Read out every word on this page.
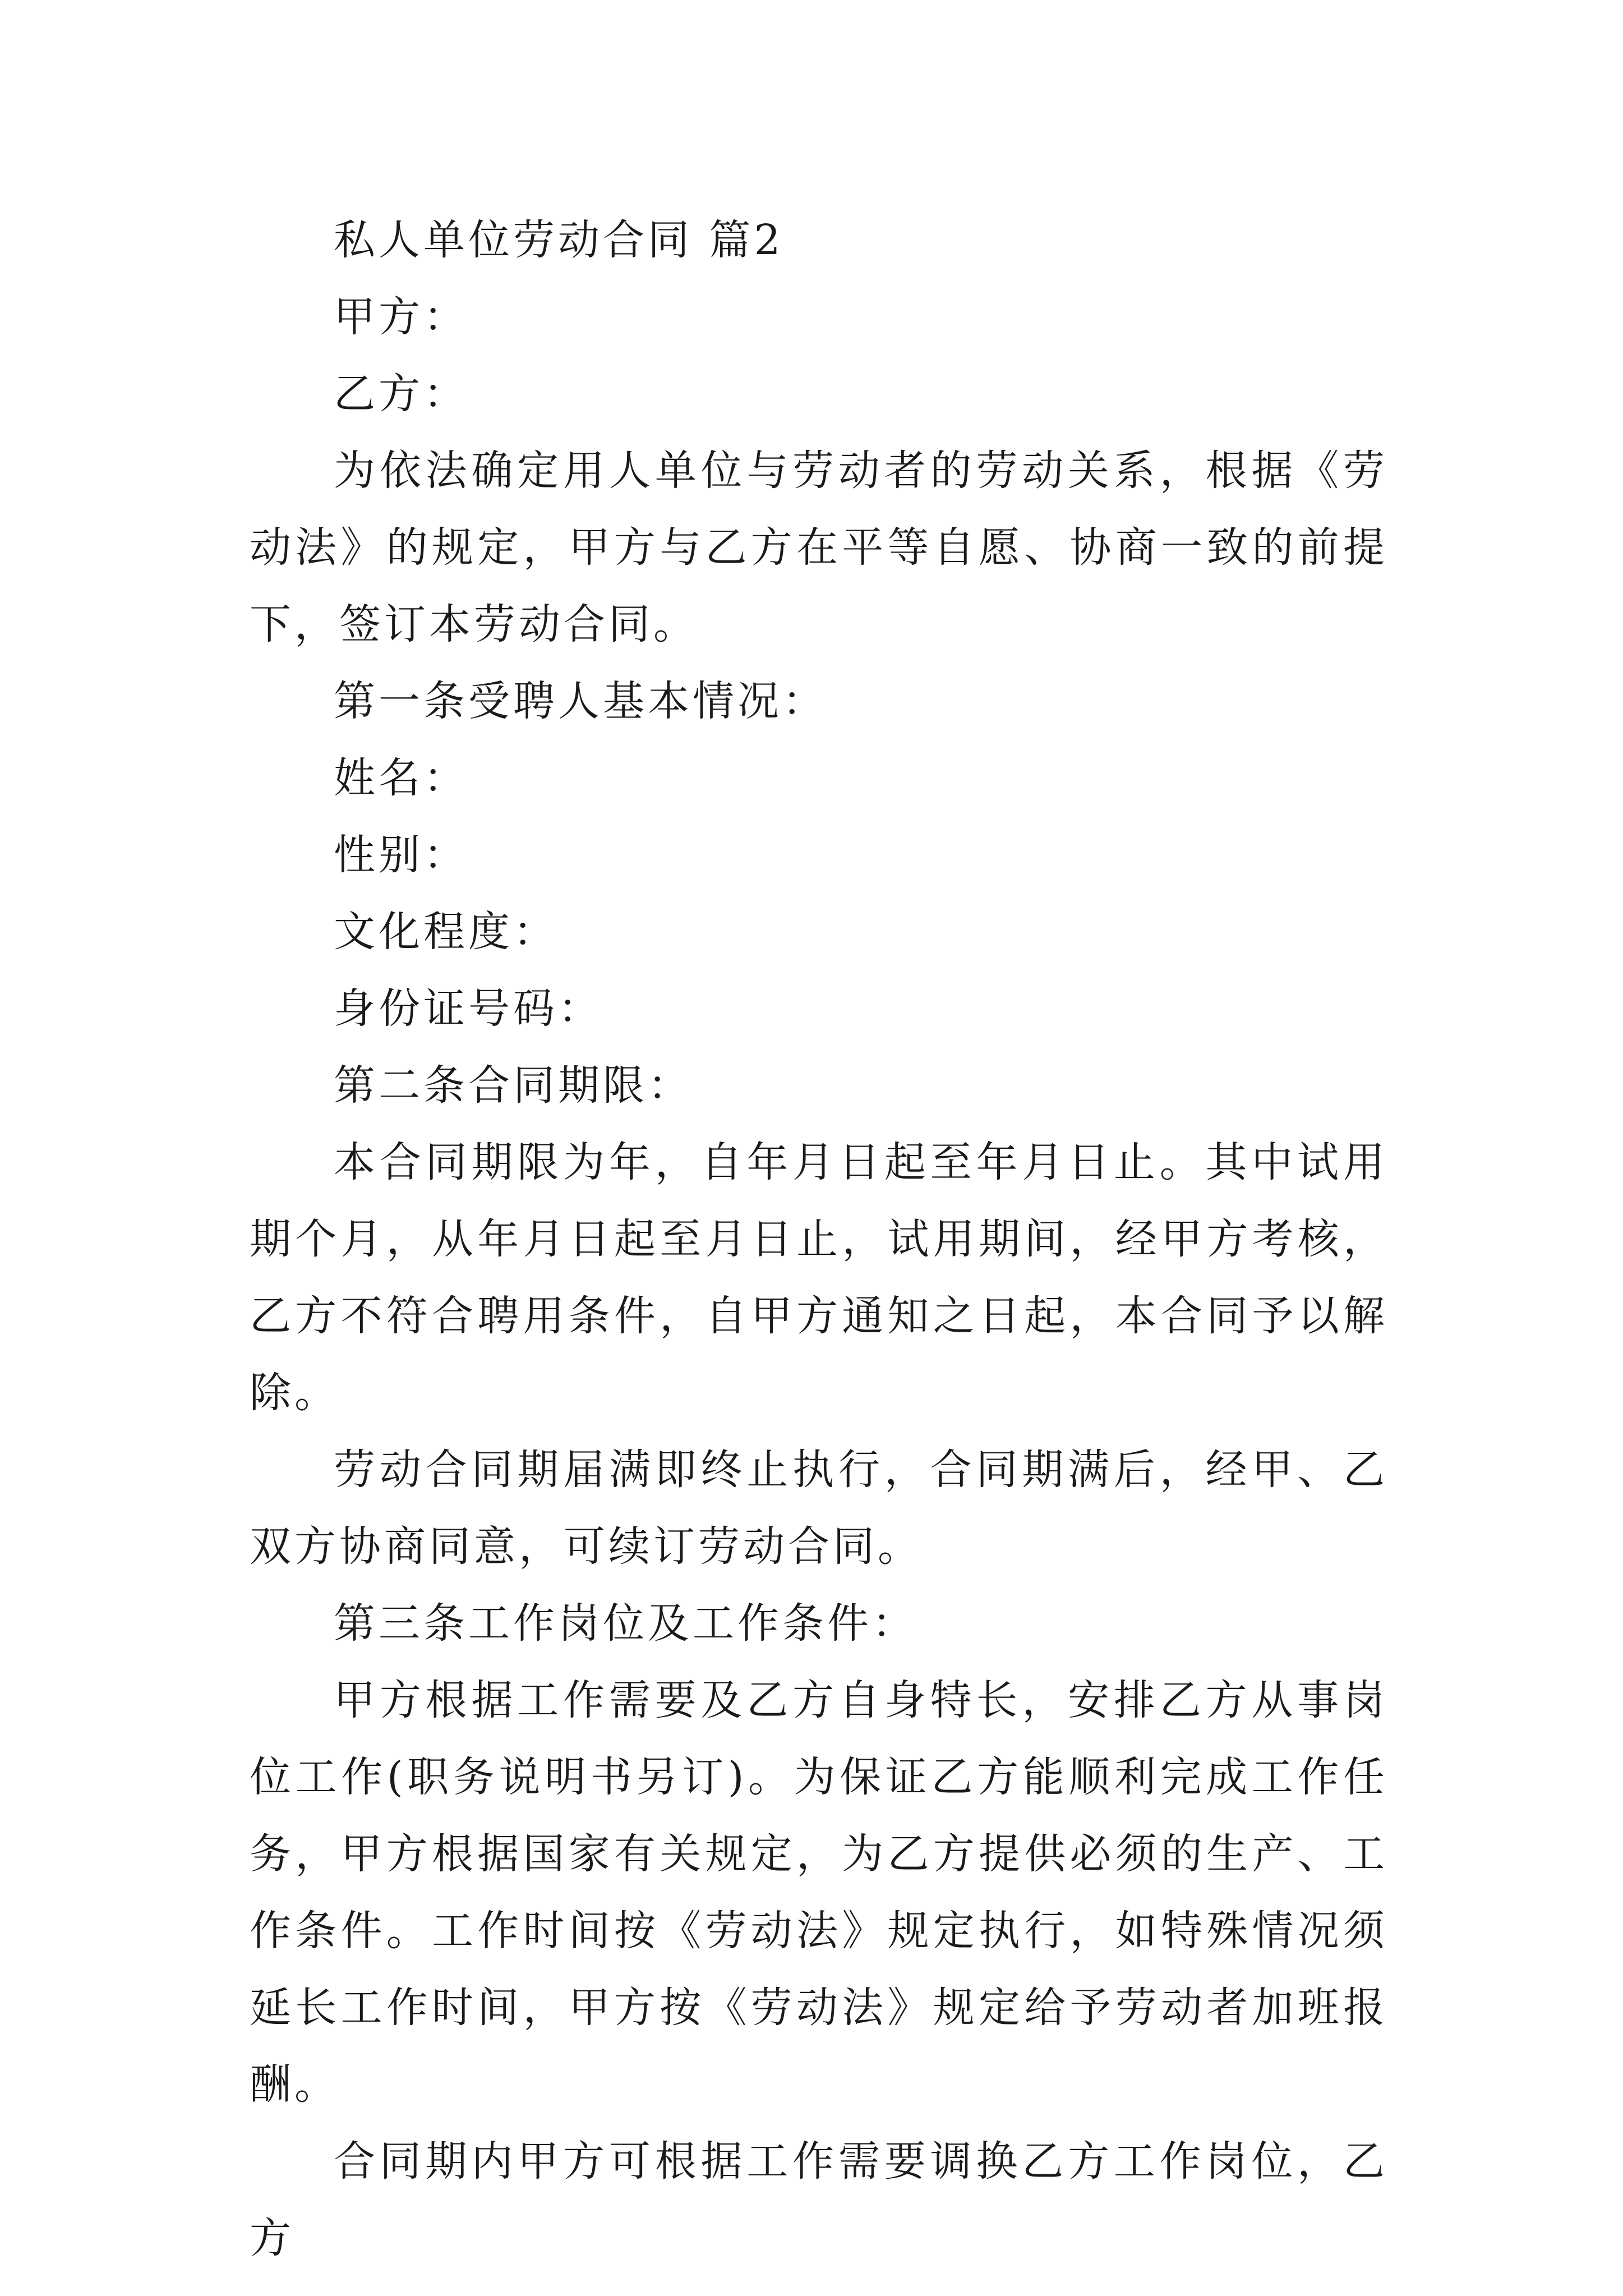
私人单位劳动合同 篇2

甲方：

乙方：

为依法确定用人单位与劳动者的劳动关系，根据《劳动法》的规定，甲方与乙方在平等自愿、协商一致的前提下，签订本劳动合同。

第一条受聘人基本情况：

姓名：

性别：

文化程度：

身份证号码：

第二条合同期限：

本合同期限为年，自年月日起至年月日止。其中试用期个月，从年月日起至月日止，试用期间，经甲方考核，乙方不符合聘用条件，自甲方通知之日起，本合同予以解除。

劳动合同期届满即终止执行，合同期满后，经甲、乙双方协商同意，可续订劳动合同。

第三条工作岗位及工作条件：

甲方根据工作需要及乙方自身特长，安排乙方从事岗位工作(职务说明书另订)。为保证乙方能顺利完成工作任务，甲方根据国家有关规定，为乙方提供必须的生产、工作条件。工作时间按《劳动法》规定执行，如特殊情况须延长工作时间，甲方按《劳动法》规定给予劳动者加班报酬。

合同期内甲方可根据工作需要调换乙方工作岗位，乙方
